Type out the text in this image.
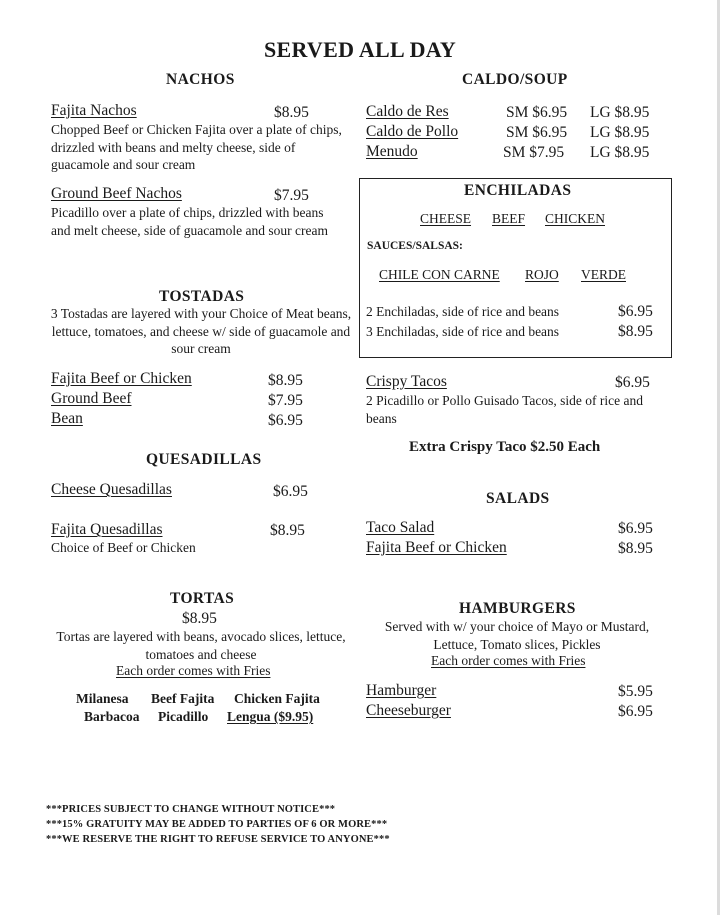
SERVED ALL DAY
NACHOS
Fajita Nachos	$8.95
Chopped Beef or Chicken Fajita over a plate of chips, drizzled with beans and melty cheese, side of guacamole and sour cream
Ground Beef Nachos	$7.95
Picadillo over a plate of chips, drizzled with beans and melt cheese, side of guacamole and sour cream
TOSTADAS
3 Tostadas are layered with your Choice of Meat beans, lettuce, tomatoes, and cheese w/ side of guacamole and sour cream
Fajita Beef or Chicken	$8.95
Ground Beef	$7.95
Bean	$6.95
QUESADILLAS
Cheese Quesadillas	$6.95
Fajita Quesadillas	$8.95
Choice of Beef or Chicken
TORTAS
$8.95
Tortas are layered with beans, avocado slices, lettuce, tomatoes and cheese
Each order comes with Fries
Milanesa Beef Fajita Chicken Fajita
Barbacoa Picadillo Lengua ($9.95)
CALDO/SOUP
Caldo de Res	SM $6.95 LG $8.95
Caldo de Pollo	SM $6.95 LG $8.95
Menudo	SM $7.95 LG $8.95
ENCHILADAS
CHEESE BEEF CHICKEN
SAUCES/SALSAS:
CHILE CON CARNE ROJO VERDE
2 Enchiladas, side of rice and beans	$6.95
3 Enchiladas, side of rice and beans	$8.95
Crispy Tacos	$6.95
2 Picadillo or Pollo Guisado Tacos, side of rice and beans
Extra Crispy Taco $2.50 Each
SALADS
Taco Salad	$6.95
Fajita Beef or Chicken	$8.95
HAMBURGERS
Served with w/ your choice of Mayo or Mustard, Lettuce, Tomato slices, Pickles
Each order comes with Fries
Hamburger	$5.95
Cheeseburger	$6.95
***PRICES SUBJECT TO CHANGE WITHOUT NOTICE***
***15% GRATUITY MAY BE ADDED TO PARTIES OF 6 OR MORE***
***WE RESERVE THE RIGHT TO REFUSE SERVICE TO ANYONE***
